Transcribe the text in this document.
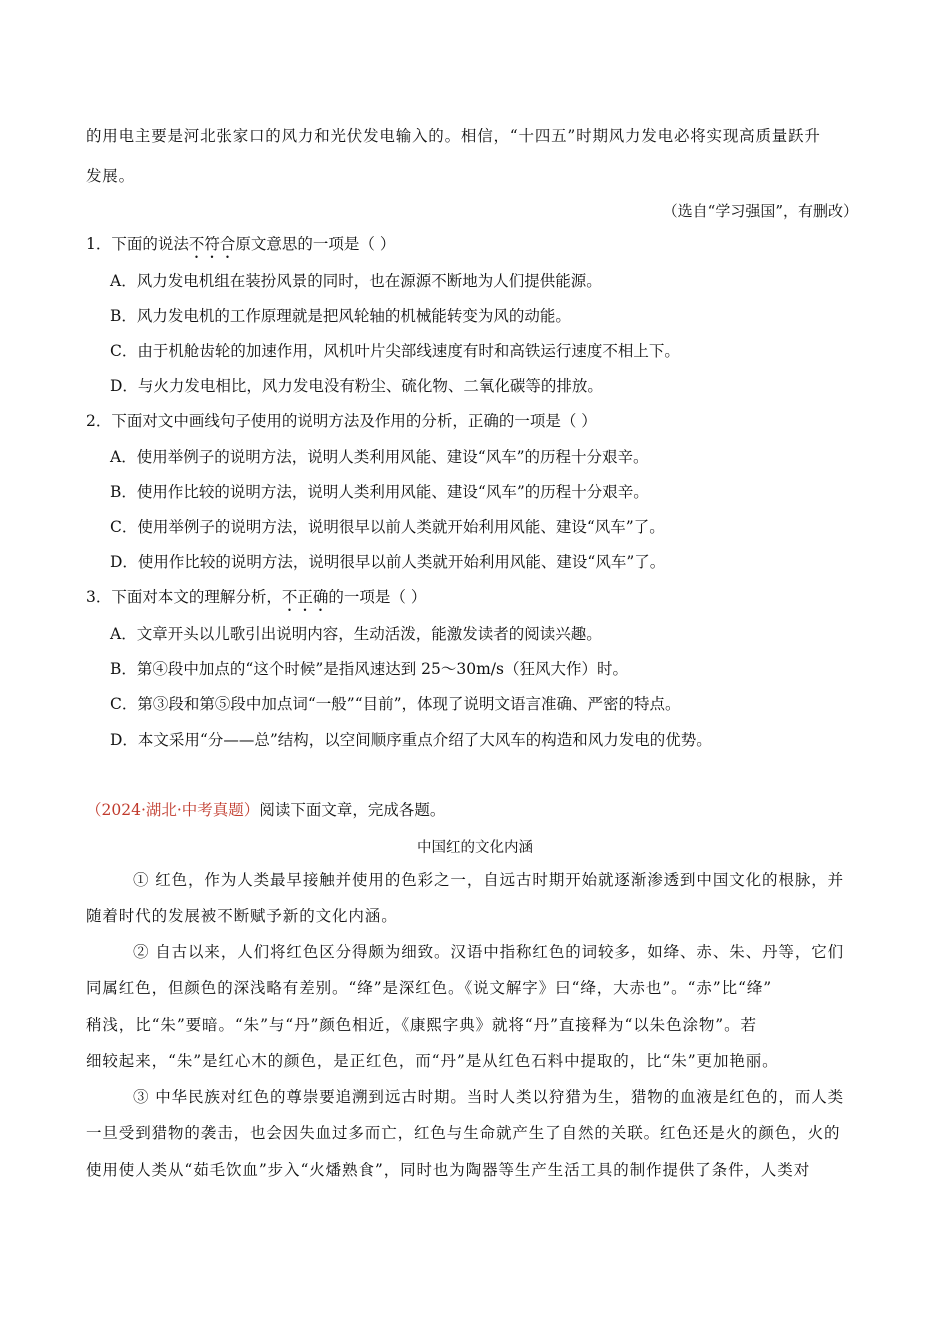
的用电主要是河北张家口的风力和光伏发电输入的。相信，“十四五”时期风力发电必将实现高质量跃升
发展。
（选自“学习强国”，有删改）
1．下面的说法不符合原文意思的一项是（ ）
A．风力发电机组在装扮风景的同时，也在源源不断地为人们提供能源。
B．风力发电机的工作原理就是把风轮轴的机械能转变为风的动能。
C．由于机舱齿轮的加速作用，风机叶片尖部线速度有时和高铁运行速度不相上下。
D．与火力发电相比，风力发电没有粉尘、硫化物、二氧化碳等的排放。
2．下面对文中画线句子使用的说明方法及作用的分析，正确的一项是（ ）
A．使用举例子的说明方法，说明人类利用风能、建设“风车”的历程十分艰辛。
B．使用作比较的说明方法，说明人类利用风能、建设“风车”的历程十分艰辛。
C．使用举例子的说明方法，说明很早以前人类就开始利用风能、建设“风车”了。
D．使用作比较的说明方法，说明很早以前人类就开始利用风能、建设“风车”了。
3．下面对本文的理解分析，不正确的一项是（ ）
A．文章开头以儿歌引出说明内容，生动活泼，能激发读者的阅读兴趣。
B．第④段中加点的“这个时候”是指风速达到 25～30m/s（狂风大作）时。
C．第③段和第⑤段中加点词“一般”“目前”，体现了说明文语言准确、严密的特点。
D．本文采用“分——总”结构，以空间顺序重点介绍了大风车的构造和风力发电的优势。
（2024·湖北·中考真题）阅读下面文章，完成各题。
中国红的文化内涵
① 红色，作为人类最早接触并使用的色彩之一，自远古时期开始就逐渐渗透到中国文化的根脉，并
随着时代的发展被不断赋予新的文化内涵。
② 自古以来，人们将红色区分得颇为细致。汉语中指称红色的词较多，如绛、赤、朱、丹等，它们
同属红色，但颜色的深浅略有差别。“绛”是深红色。《说文解字》曰“绛，大赤也”。“赤”比“绛”
稍浅，比“朱”要暗。“朱”与“丹”颜色相近，《康熙字典》就将“丹”直接释为“以朱色涂物”。若
细较起来，“朱”是红心木的颜色，是正红色，而“丹”是从红色石料中提取的，比“朱”更加艳丽。
③ 中华民族对红色的尊崇要追溯到远古时期。当时人类以狩猎为生，猎物的血液是红色的，而人类
一旦受到猎物的袭击，也会因失血过多而亡，红色与生命就产生了自然的关联。红色还是火的颜色，火的
使用使人类从“茹毛饮血”步入“火燔熟食”，同时也为陶器等生产生活工具的制作提供了条件，人类对
